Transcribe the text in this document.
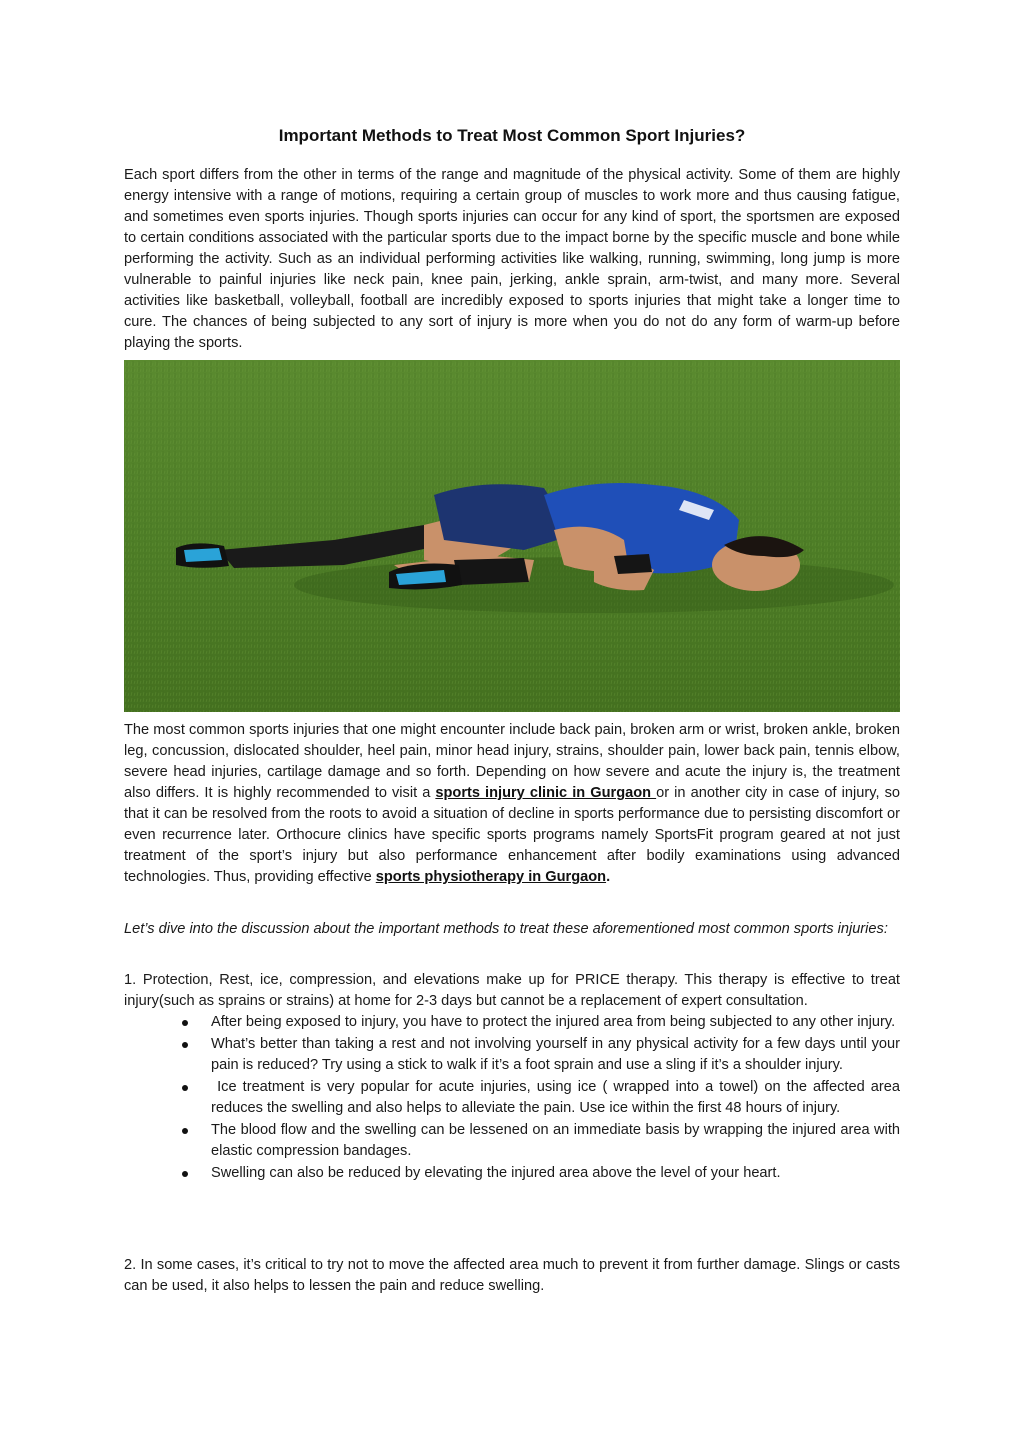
Important Methods to Treat Most Common Sport Injuries?

Each sport differs from the other in terms of the range and magnitude of the physical activity. Some of them are highly energy intensive with a range of motions, requiring a certain group of muscles to work more and thus causing fatigue, and sometimes even sports injuries. Though sports injuries can occur for any kind of sport, the sportsmen are exposed to certain conditions associated with the particular sports due to the impact borne by the specific muscle and bone while performing the activity. Such as an individual performing activities like walking, running, swimming, long jump is more vulnerable to painful injuries like neck pain, knee pain, jerking, ankle sprain, arm-twist, and many more. Several activities like basketball, volleyball, football are incredibly exposed to sports injuries that might take a longer time to cure. The chances of being subjected to any sort of injury is more when you do not do any form of warm-up before playing the sports.

The most common sports injuries that one might encounter include back pain, broken arm or wrist, broken ankle, broken leg, concussion, dislocated shoulder, heel pain, minor head injury, strains, shoulder pain, lower back pain, tennis elbow, severe head injuries, cartilage damage and so forth. Depending on how severe and acute the injury is, the treatment also differs. It is highly recommended to visit a sports injury clinic in Gurgaon or in another city in case of injury, so that it can be resolved from the roots to avoid a situation of decline in sports performance due to persisting discomfort or even recurrence later. Orthocure clinics have specific sports programs namely SportsFit program geared at not just treatment of the sport’s injury but also performance enhancement after bodily examinations using advanced technologies. Thus, providing effective sports physiotherapy in Gurgaon.

Let’s dive into the discussion about the important methods to treat these aforementioned most common sports injuries:

1. Protection, Rest, ice, compression, and elevations make up for PRICE therapy. This therapy is effective to treat injury(such as sprains or strains) at home for 2-3 days but cannot be a replacement of expert consultation.

After being exposed to injury, you have to protect the injured area from being subjected to any other injury.
What’s better than taking a rest and not involving yourself in any physical activity for a few days until your pain is reduced? Try using a stick to walk if it’s a foot sprain and use a sling if it’s a shoulder injury.
Ice treatment is very popular for acute injuries, using ice ( wrapped into a towel) on the affected area reduces the swelling and also helps to alleviate the pain. Use ice within the first 48 hours of injury.
The blood flow and the swelling can be lessened on an immediate basis by wrapping the injured area with elastic compression bandages.
Swelling can also be reduced by elevating the injured area above the level of your heart.

2. In some cases, it’s critical to try not to move the affected area much to prevent it from further damage. Slings or casts can be used, it also helps to lessen the pain and reduce swelling.
